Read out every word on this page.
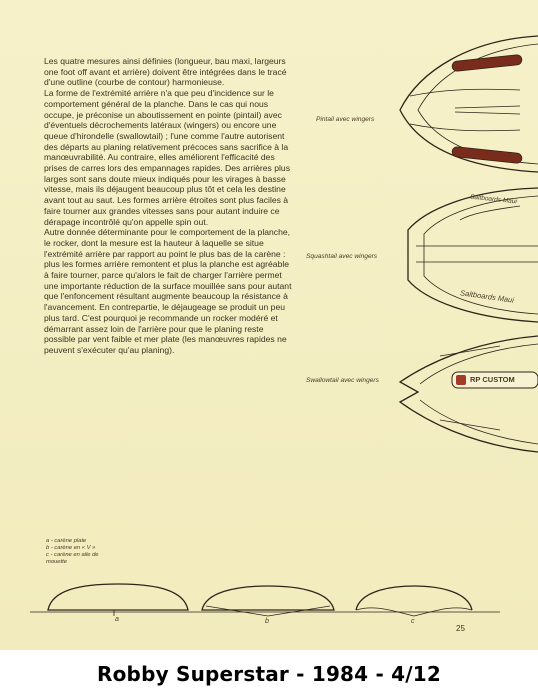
Les quatre mesures ainsi définies (longueur, bau maxi, largeurs one foot off avant et arrière) doivent être intégrées dans le tracé d'une outline (courbe de contour) harmonieuse.

La forme de l'extrémité arrière n'a que peu d'incidence sur le comportement général de la planche. Dans le cas qui nous occupe, je préconise un aboutissement en pointe (pintail) avec d'éventuels décrochements latéraux (wingers) ou encore une queue d'hirondelle (swallowtail) ; l'une comme l'autre autorisent des départs au planing relativement précoces sans sacrifice à la manœuvrabilité. Au contraire, elles améliorent l'efficacité des prises de carres lors des empannages rapides. Des arrières plus larges sont sans doute mieux indiqués pour les virages à basse vitesse, mais ils déjaugent beaucoup plus tôt et cela les destine avant tout au saut. Les formes arrière étroites sont plus faciles à faire tourner aux grandes vitesses sans pour autant induire ce dérapage incontrôlé qu'on appelle spin out.

Autre donnée déterminante pour le comportement de la planche, le rocker, dont la mesure est la hauteur à laquelle se situe l'extrémité arrière par rapport au point le plus bas de la carène : plus les formes arrière remontent et plus la planche est agréable à faire tourner, parce qu'alors le fait de charger l'arrière permet une importante réduction de la surface mouillée sans pour autant que l'enfoncement résultant augmente beaucoup la résistance à l'avancement. En contrepartie, le déjaugeage se produit un peu plus tard. C'est pourquoi je recommande un rocker modéré et démarrant assez loin de l'arrière pour que le planing reste possible par vent faible et mer plate (les manœuvres rapides ne peuvent s'exécuter qu'au planing).

Pintail avec wingers
Squashtail avec wingers
Swallowtail avec wingers
Saltboards Maui
Saltboards Maui
RP CUSTOM
a - carène plate
b - carène en « V »
c - carène en aile de mouette
a	b	c
25
Robby Superstar - 1984 - 4/12
